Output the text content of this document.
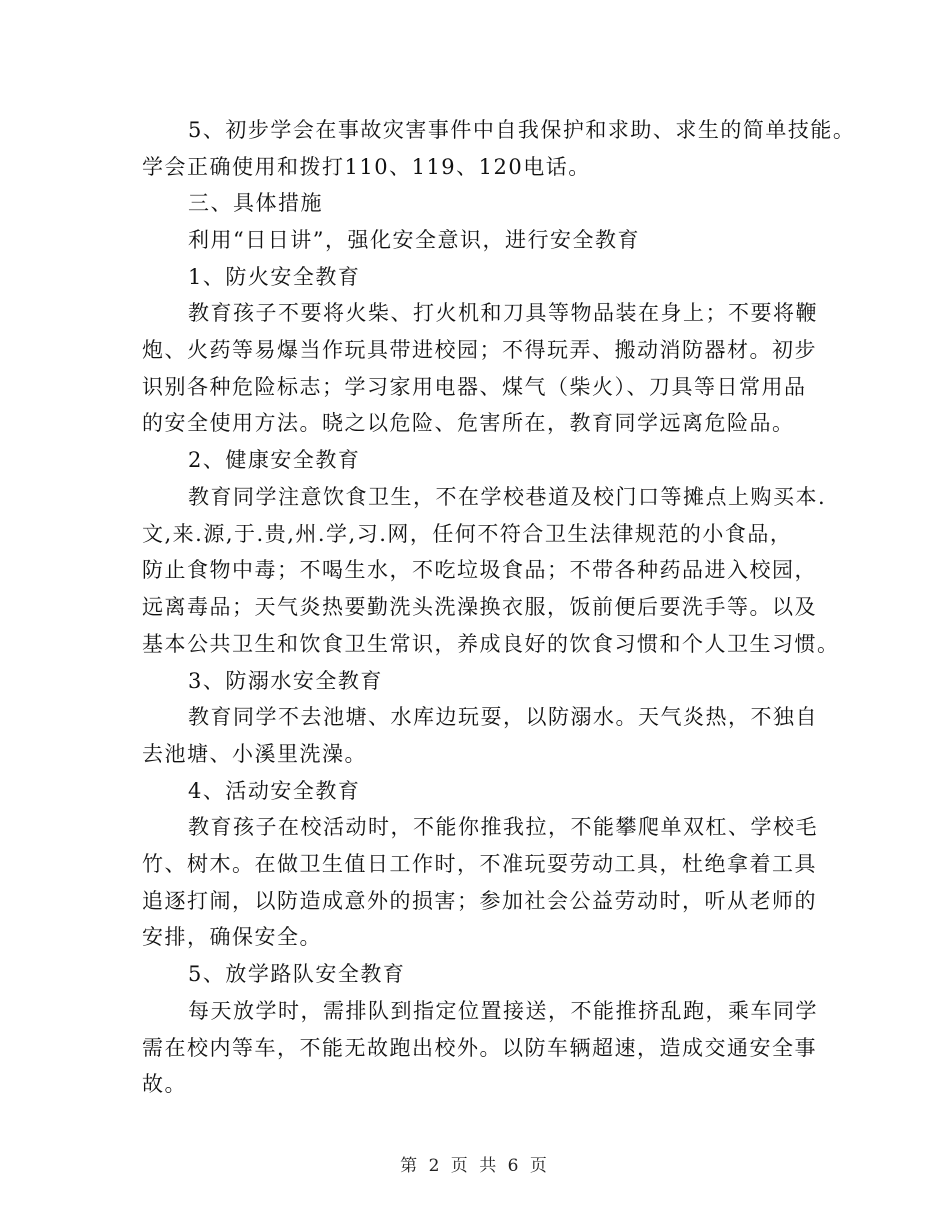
5、初步学会在事故灾害事件中自我保护和求助、求生的简单技能。
学会正确使用和拨打110、119、120电话。
三、具体措施
利用“日日讲”，强化安全意识，进行安全教育
1、防火安全教育
教育孩子不要将火柴、打火机和刀具等物品装在身上；不要将鞭
炮、火药等易爆当作玩具带进校园；不得玩弄、搬动消防器材。初步
识别各种危险标志；学习家用电器、煤气（柴火）、刀具等日常用品
的安全使用方法。晓之以危险、危害所在，教育同学远离危险品。
2、健康安全教育
教育同学注意饮食卫生，不在学校巷道及校门口等摊点上购买本.
文,来.源,于.贵,州.学,习.网，任何不符合卫生法律规范的小食品，
防止食物中毒；不喝生水，不吃垃圾食品；不带各种药品进入校园，
远离毒品；天气炎热要勤洗头洗澡换衣服，饭前便后要洗手等。以及
基本公共卫生和饮食卫生常识，养成良好的饮食习惯和个人卫生习惯。
3、防溺水安全教育
教育同学不去池塘、水库边玩耍，以防溺水。天气炎热，不独自
去池塘、小溪里洗澡。
4、活动安全教育
教育孩子在校活动时，不能你推我拉，不能攀爬单双杠、学校毛
竹、树木。在做卫生值日工作时，不准玩耍劳动工具，杜绝拿着工具
追逐打闹，以防造成意外的损害；参加社会公益劳动时，听从老师的
安排，确保安全。
5、放学路队安全教育
每天放学时，需排队到指定位置接送，不能推挤乱跑，乘车同学
需在校内等车，不能无故跑出校外。以防车辆超速，造成交通安全事
故。
第 2 页 共 6 页
